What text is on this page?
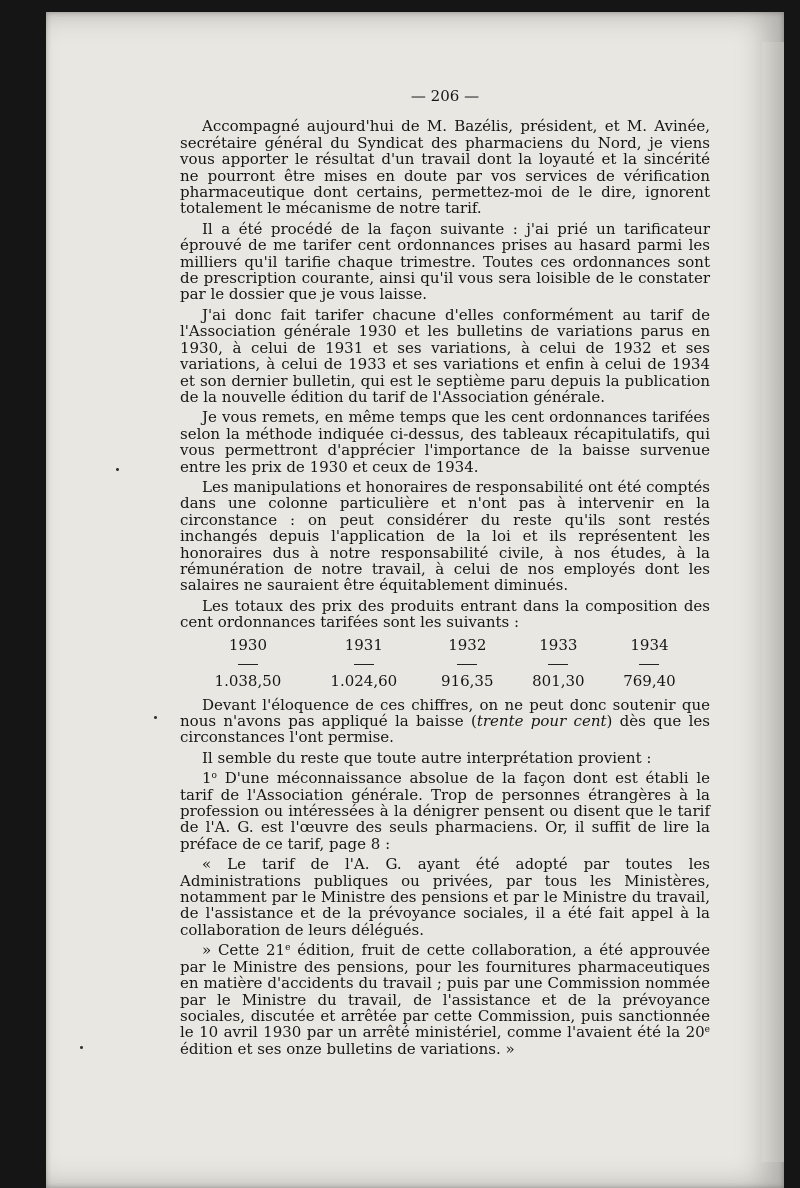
— 206 —

Accompagné aujourd'hui de M. Bazélis, président, et M. Avinée, secrétaire général du Syndicat des pharmaciens du Nord, je viens vous apporter le résultat d'un travail dont la loyauté et la sincérité ne pourront être mises en doute par vos services de vérification pharmaceutique dont certains, permettez-moi de le dire, ignorent totalement le mécanisme de notre tarif.

Il a été procédé de la façon suivante : j'ai prié un tarificateur éprouvé de me tarifer cent ordonnances prises au hasard parmi les milliers qu'il tarifie chaque trimestre. Toutes ces ordonnances sont de prescription courante, ainsi qu'il vous sera loisible de le constater par le dossier que je vous laisse.

J'ai donc fait tarifer chacune d'elles conformément au tarif de l'Association générale 1930 et les bulletins de variations parus en 1930, à celui de 1931 et ses variations, à celui de 1932 et ses variations, à celui de 1933 et ses variations et enfin à celui de 1934 et son dernier bulletin, qui est le septième paru depuis la publication de la nouvelle édition du tarif de l'Association générale.

Je vous remets, en même temps que les cent ordonnances tarifées selon la méthode indiquée ci-dessus, des tableaux récapitulatifs, qui vous permettront d'apprécier l'importance de la baisse survenue entre les prix de 1930 et ceux de 1934.

Les manipulations et honoraires de responsabilité ont été comptés dans une colonne particulière et n'ont pas à intervenir en la circonstance : on peut considérer du reste qu'ils sont restés inchangés depuis l'application de la loi et ils représentent les honoraires dus à notre responsabilité civile, à nos études, à la rémunération de notre travail, à celui de nos employés dont les salaires ne sauraient être équitablement diminués.

Les totaux des prix des produits entrant dans la composition des cent ordonnances tarifées sont les suivants :

1930	1931	1932	1933	1934

1.038,50	1.024,60	916,35	801,30	769,40

Devant l'éloquence de ces chiffres, on ne peut donc soutenir que nous n'avons pas appliqué la baisse (trente pour cent) dès que les circonstances l'ont permise.

Il semble du reste que toute autre interprétation provient :

1$^o$ D'une méconnaissance absolue de la façon dont est établi le tarif de l'Association générale. Trop de personnes étrangères à la profession ou intéressées à la dénigrer pensent ou disent que le tarif de l'A. G. est l'œuvre des seuls pharmaciens. Or, il suffit de lire la préface de ce tarif, page 8 :

« Le tarif de l'A. G. ayant été adopté par toutes les Administrations publiques ou privées, par tous les Ministères, notamment par le Ministre des pensions et par le Ministre du travail, de l'assistance et de la prévoyance sociales, il a été fait appel à la collaboration de leurs délégués.

» Cette 21e édition, fruit de cette collaboration, a été approuvée par le Ministre des pensions, pour les fournitures pharmaceutiques en matière d'accidents du travail ; puis par une Commission nommée par le Ministre du travail, de l'assistance et de la prévoyance sociales, discutée et arrêtée par cette Commission, puis sanctionnée le 10 avril 1930 par un arrêté ministériel, comme l'avaient été la 20e édition et ses onze bulletins de variations. »
